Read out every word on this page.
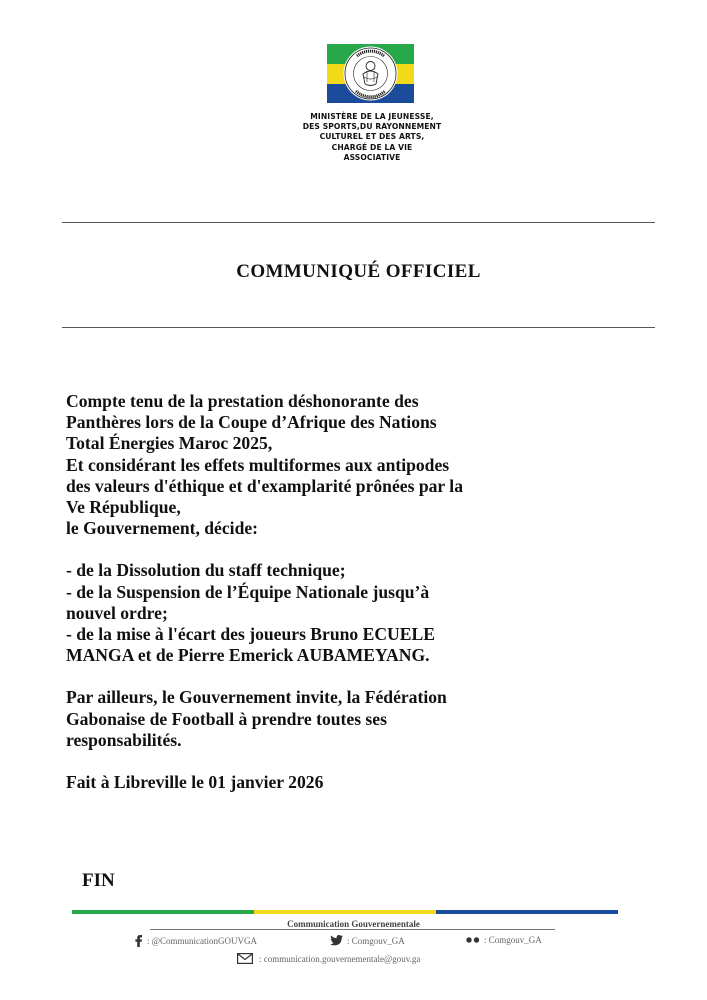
MINISTÈRE DE LA JEUNESSE,
DES SPORTS,DU RAYONNEMENT
CULTUREL ET DES ARTS,
CHARGÉ DE LA VIE
ASSOCIATIVE
COMMUNIQUÉ OFFICIEL
Compte tenu de la prestation déshonorante des
Panthères lors de la Coupe d’Afrique des Nations
Total Énergies Maroc 2025,
Et considérant les effets multiformes aux antipodes
des valeurs d'éthique et d'examplarité prônées par la
Ve République,
le Gouvernement, décide:
- de la Dissolution du staff technique;
- de la Suspension de l’Équipe Nationale jusqu’à
nouvel ordre;
- de la mise à l'écart des joueurs Bruno ECUELE
MANGA et de Pierre Emerick AUBAMEYANG.
Par ailleurs, le Gouvernement invite, la Fédération
Gabonaise de Football à prendre toutes ses
responsabilités.
Fait à Libreville le 01 janvier 2026
FIN
Communication Gouvernementale
: @CommunicationGOUVGA	: Comgouv_GA	: Comgouv_GA
: communication.gouvernementale@gouv.ga
